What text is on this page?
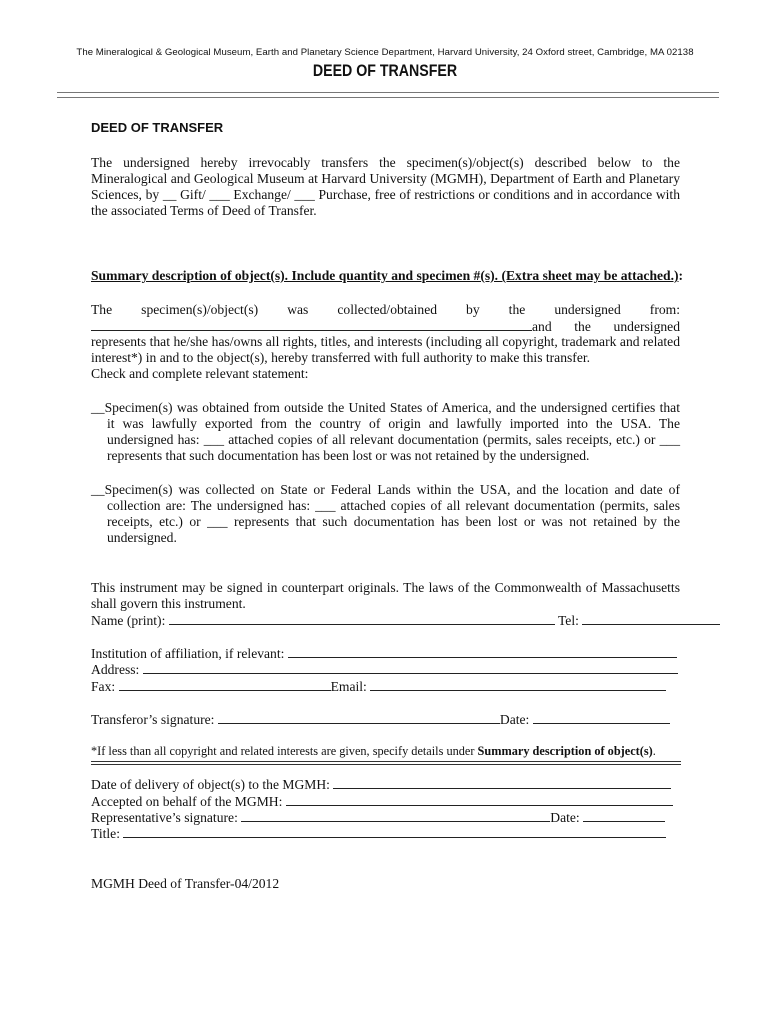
The Mineralogical & Geological Museum, Earth and Planetary Science Department, Harvard University, 24 Oxford street, Cambridge, MA 02138
DEED OF TRANSFER
DEED OF TRANSFER
The undersigned hereby irrevocably transfers the specimen(s)/object(s) described below to the Mineralogical and Geological Museum at Harvard University (MGMH), Department of Earth and Planetary Sciences, by __ Gift/ ___ Exchange/ ___ Purchase, free of restrictions or conditions and in accordance with the associated Terms of Deed of Transfer.
Summary description of object(s). Include quantity and specimen #(s). (Extra sheet may be attached.):
The specimen(s)/object(s) was collected/obtained by the undersigned from:
and the undersigned
represents that he/she has/owns all rights, titles, and interests (including all copyright, trademark and related interest*) in and to the object(s), hereby transferred with full authority to make this transfer.
Check and complete relevant statement:
__Specimen(s) was obtained from outside the United States of America, and the undersigned certifies that
it was lawfully exported from the country of origin and lawfully imported into the USA. The undersigned has: ___ attached copies of all relevant documentation (permits, sales receipts, etc.) or ___ represents that such documentation has been lost or was not retained by the undersigned.
__Specimen(s) was collected on State or Federal Lands within the USA, and the location and date of
collection are: The undersigned has: ___ attached copies of all relevant documentation (permits, sales receipts, etc.) or ___ represents that such documentation has been lost or was not retained by the undersigned.
This instrument may be signed in counterpart originals. The laws of the Commonwealth of Massachusetts shall govern this instrument.
Name (print):	Tel:
Institution of affiliation, if relevant:
Address:
Fax:	Email:
Transferor’s signature:	Date:
*If less than all copyright and related interests are given, specify details under Summary description of object(s).
Date of delivery of object(s) to the MGMH:
Accepted on behalf of the MGMH:
Representative’s signature:	Date:
Title:
MGMH Deed of Transfer-04/2012
